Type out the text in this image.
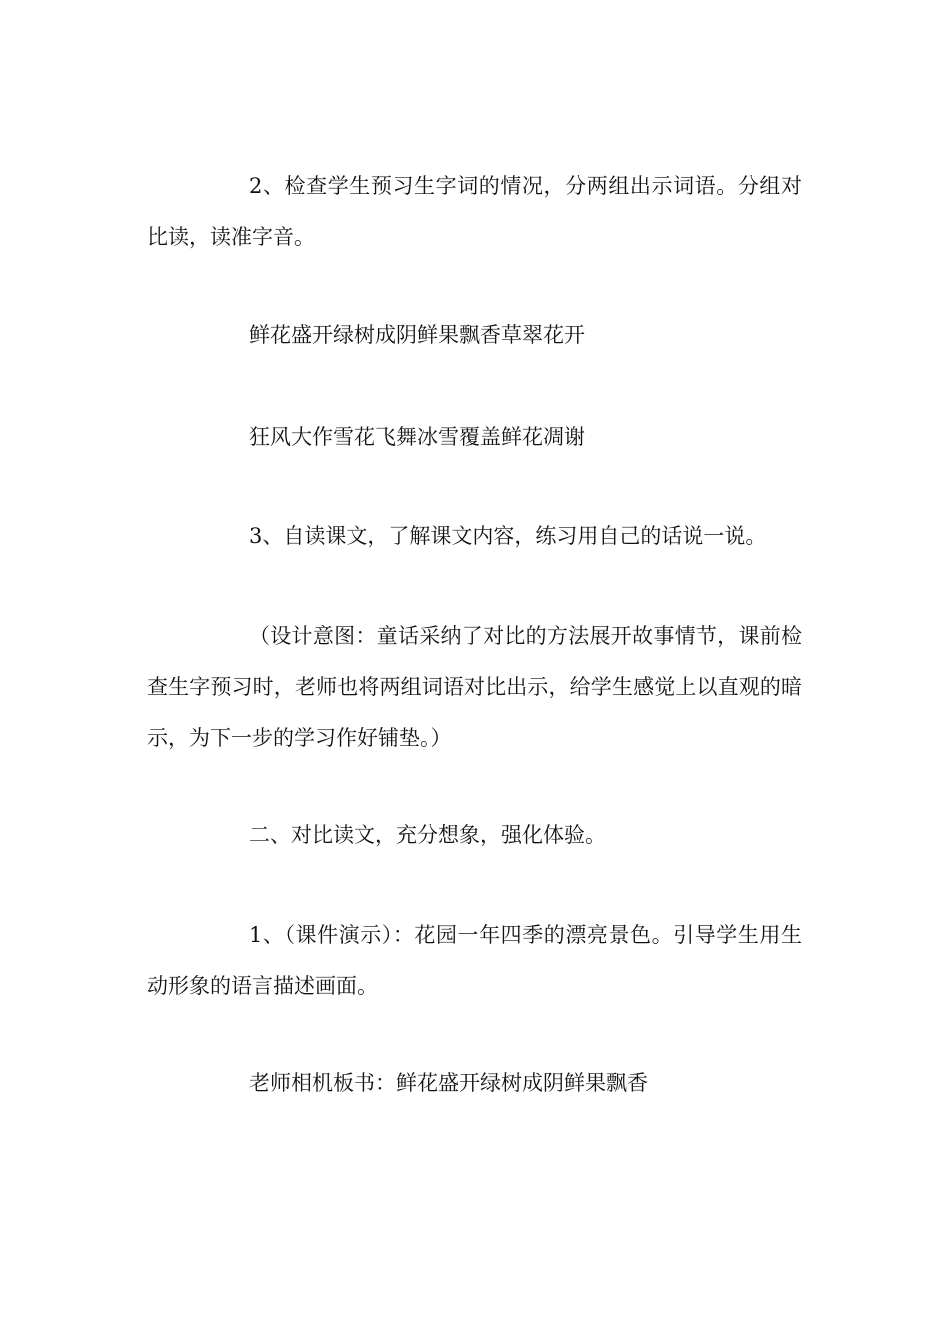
2、检查学生预习生字词的情况，分两组出示词语。分组对比读，读准字音。

鲜花盛开绿树成阴鲜果飘香草翠花开

狂风大作雪花飞舞冰雪覆盖鲜花凋谢

3、自读课文，了解课文内容，练习用自己的话说一说。

（设计意图：童话采纳了对比的方法展开故事情节，课前检查生字预习时，老师也将两组词语对比出示，给学生感觉上以直观的暗示，为下一步的学习作好铺垫。）

二、对比读文，充分想象，强化体验。

1、（课件演示）：花园一年四季的漂亮景色。引导学生用生动形象的语言描述画面。

老师相机板书：鲜花盛开绿树成阴鲜果飘香
